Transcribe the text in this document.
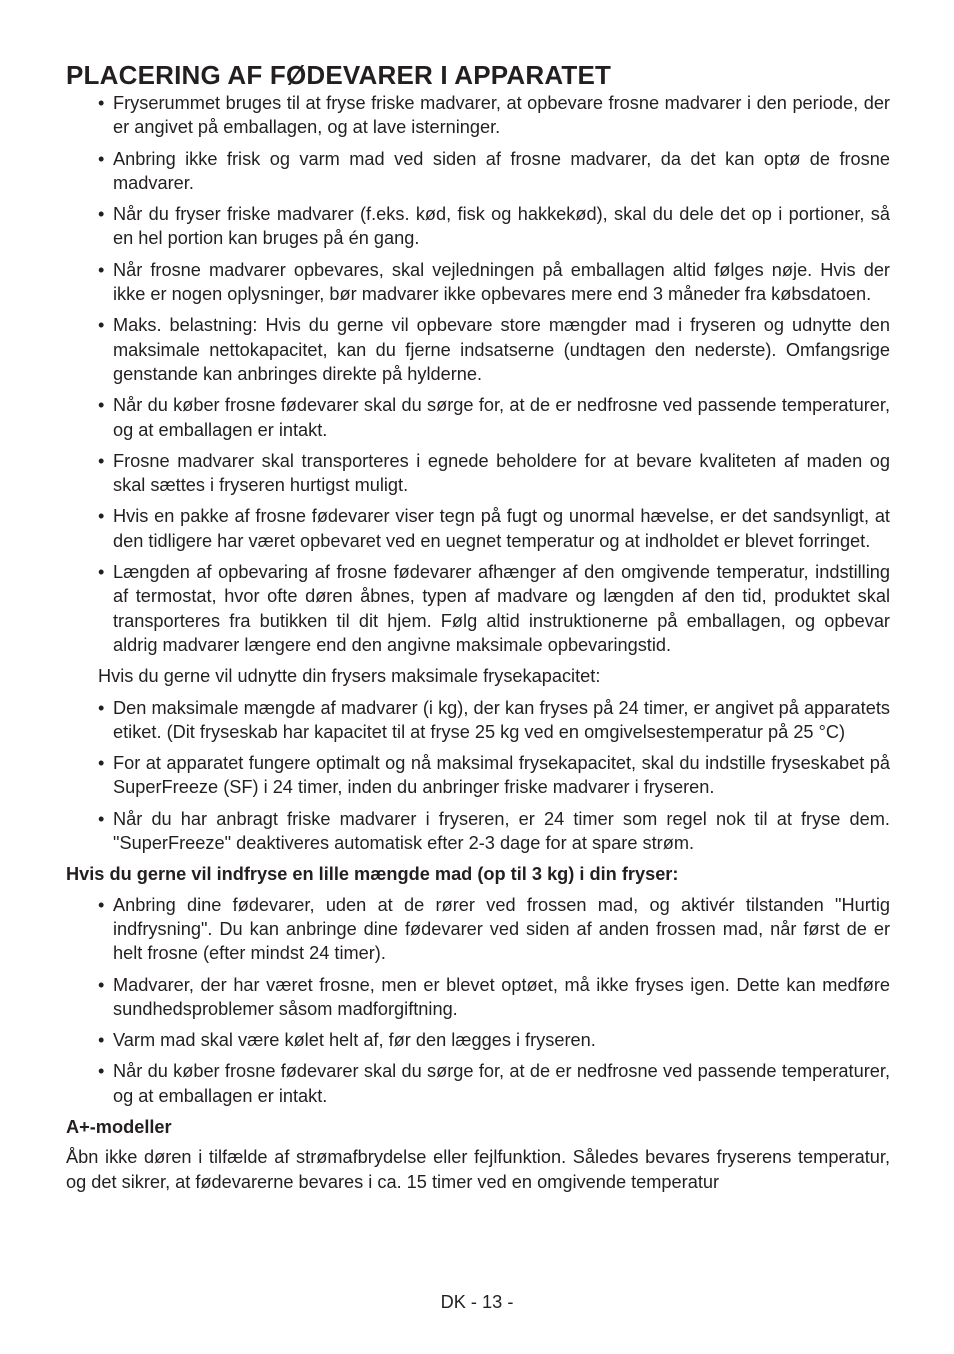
PLACERING AF FØDEVARER I APPARATET
• Fryserummet bruges til at fryse friske madvarer, at opbevare frosne madvarer i den periode, der er angivet på emballagen, og at lave isterninger.
• Anbring ikke frisk og varm mad ved siden af frosne madvarer, da det kan optø de frosne madvarer.
• Når du fryser friske madvarer (f.eks. kød, fisk og hakkekød), skal du dele det op i portioner, så en hel portion kan bruges på én gang.
• Når frosne madvarer opbevares, skal vejledningen på emballagen altid følges nøje. Hvis der ikke er nogen oplysninger, bør madvarer ikke opbevares mere end 3 måneder fra købsdatoen.
• Maks. belastning: Hvis du gerne vil opbevare store mængder mad i fryseren og udnytte den maksimale nettokapacitet, kan du fjerne indsatserne (undtagen den nederste). Omfangsrige genstande kan anbringes direkte på hylderne.
• Når du køber frosne fødevarer skal du sørge for, at de er nedfrosne ved passende temperaturer, og at emballagen er intakt.
• Frosne madvarer skal transporteres i egnede beholdere for at bevare kvaliteten af maden og skal sættes i fryseren hurtigst muligt.
• Hvis en pakke af frosne fødevarer viser tegn på fugt og unormal hævelse, er det sandsynligt, at den tidligere har været opbevaret ved en uegnet temperatur og at indholdet er blevet forringet.
• Længden af opbevaring af frosne fødevarer afhænger af den omgivende temperatur, indstilling af termostat, hvor ofte døren åbnes, typen af madvare og længden af den tid, produktet skal transporteres fra butikken til dit hjem. Følg altid instruktionerne på emballagen, og opbevar aldrig madvarer længere end den angivne maksimale opbevaringstid.

Hvis du gerne vil udnytte din frysers maksimale frysekapacitet:

• Den maksimale mængde af madvarer (i kg), der kan fryses på 24 timer, er angivet på apparatets etiket. (Dit fryseskab har kapacitet til at fryse 25 kg ved en omgivelsestemperatur på 25 °C)
• For at apparatet fungere optimalt og nå maksimal frysekapacitet, skal du indstille fryseskabet på SuperFreeze (SF) i 24 timer, inden du anbringer friske madvarer i fryseren.
• Når du har anbragt friske madvarer i fryseren, er 24 timer som regel nok til at fryse dem. "SuperFreeze" deaktiveres automatisk efter 2-3 dage for at spare strøm.

Hvis du gerne vil indfryse en lille mængde mad (op til 3 kg) i din fryser:

• Anbring dine fødevarer, uden at de rører ved frossen mad, og aktivér tilstanden "Hurtig indfrysning". Du kan anbringe dine fødevarer ved siden af anden frossen mad, når først de er helt frosne (efter mindst 24 timer).
• Madvarer, der har været frosne, men er blevet optøet, må ikke fryses igen. Dette kan medføre sundhedsproblemer såsom madforgiftning.
• Varm mad skal være kølet helt af, før den lægges i fryseren.
• Når du køber frosne fødevarer skal du sørge for, at de er nedfrosne ved passende temperaturer, og at emballagen er intakt.

A+-modeller

Åbn ikke døren i tilfælde af strømafbrydelse eller fejlfunktion. Således bevares fryserens temperatur, og det sikrer, at fødevarerne bevares i ca. 15 timer ved en omgivende temperatur

DK - 13 -
